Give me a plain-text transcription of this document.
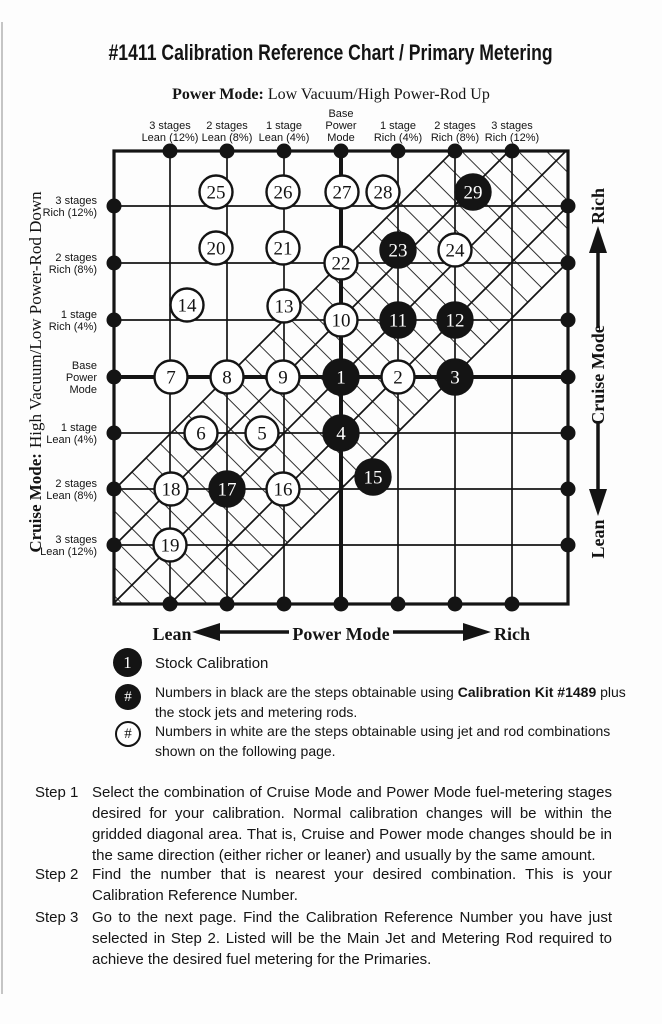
#1411 Calibration Reference Chart / Primary Metering
Power Mode: Low Vacuum/High Power-Rod Up
3 stages
Lean (12%)
2 stages
Lean (8%)
1 stage
Lean (4%)
Base
Power
Mode
1 stage
Rich (4%)
2 stages
Rich (8%)
3 stages
Rich (12%)
3 stages
Rich (12%)
2 stages
Rich (8%)
1 stage
Rich (4%)
Base
Power
Mode
1 stage
Lean (4%)
2 stages
Lean (8%)
3 stages
Lean (12%)
1	2	3
4
5
6
7 8 9
10 11 12
13
14
15
16
17
18
19
20	21
22
23 24
25	26 27 28	29
Cruise Mode:High Vacuum/Low Power-Rod Down	Rich
Cruise Mode
Lean
Lean	Power Mode	Rich
1 Stock Calibration
# Numbers in black are the steps obtainable using Calibration Kit #1489 plus
the stock jets and metering rods.
# Numbers in white are the steps obtainable using jet and rod combinations
shown on the following page.
Step 1 Select the combination of Cruise Mode and Power Mode fuel-metering stages desired for your calibration. Normal calibration changes will be within the gridded diagonal area. That is, Cruise and Power mode changes should be in the same direction (either richer or leaner) and usually by the same amount.
Step 2 Find the number that is nearest your desired combination. This is your Calibration Reference Number.
Step 3 Go to the next page. Find the Calibration Reference Number you have just selected in Step 2. Listed will be the Main Jet and Metering Rod required to achieve the desired fuel metering for the Primaries.
